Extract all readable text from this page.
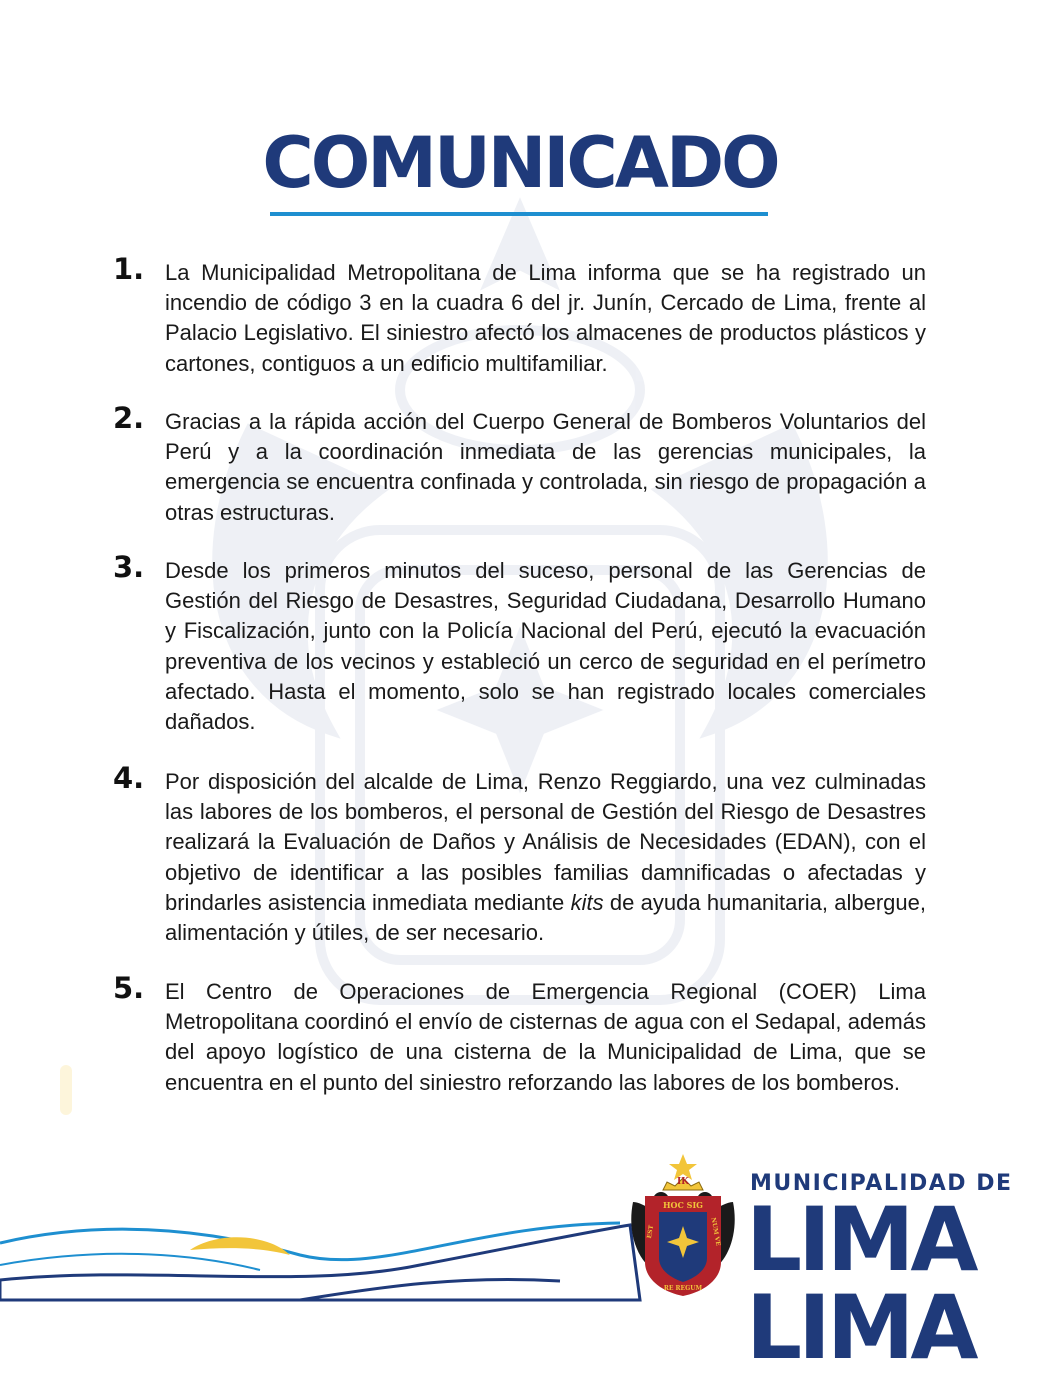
COMUNICADO
1. La Municipalidad Metropolitana de Lima informa que se ha registrado un incendio de código 3 en la cuadra 6 del jr. Junín, Cercado de Lima, frente al Palacio Legislativo. El siniestro afectó los almacenes de productos plásticos y cartones, contiguos a un edificio multifamiliar.

2. Gracias a la rápida acción del Cuerpo General de Bomberos Voluntarios del Perú y a la coordinación inmediata de las gerencias municipales, la emergencia se encuentra confinada y controlada, sin riesgo de propagación a otras estructuras.

3. Desde los primeros minutos del suceso, personal de las Gerencias de Gestión del Riesgo de Desastres, Seguridad Ciudadana, Desarrollo Humano y Fiscalización, junto con la Policía Nacional del Perú, ejecutó la evacuación preventiva de los vecinos y estableció un cerco de seguridad en el perímetro afectado. Hasta el momento, solo se han registrado locales comerciales dañados.

4. Por disposición del alcalde de Lima, Renzo Reggiardo, una vez culminadas las labores de los bomberos, el personal de Gestión del Riesgo de Desastres realizará la Evaluación de Daños y Análisis de Necesidades (EDAN), con el objetivo de identificar a las posibles familias damnificadas o afectadas y brindarles asistencia inmediata mediante kits de ayuda humanitaria, albergue, alimentación y útiles, de ser necesario.

5. El Centro de Operaciones de Emergencia Regional (COER) Lima Metropolitana coordinó el envío de cisternas de agua con el Sedapal, además del apoyo logístico de una cisterna de la Municipalidad de Lima, que se encuentra en el punto del siniestro reforzando las labores de los bomberos.

IK
HOC SIG
EST	NUM VE
RE REGUM
MUNICIPALIDAD DE
LIMA
LIMA
